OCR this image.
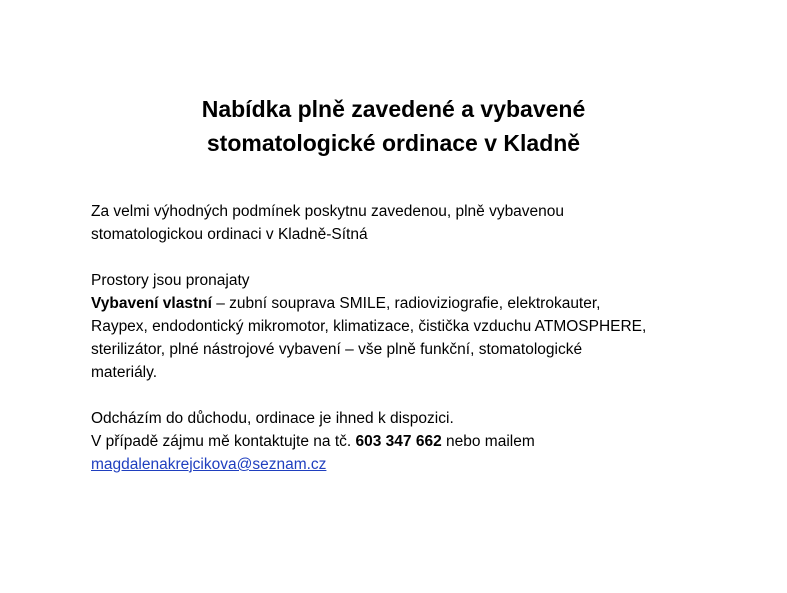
Nabídka plně zavedené a vybavené
stomatologické ordinace v Kladně

Za velmi výhodných podmínek poskytnu zavedenou, plně vybavenou
stomatologickou ordinaci v Kladně-Sítná

Prostory jsou pronajaty

Vybavení vlastní – zubní souprava SMILE, radioviziografie, elektrokauter,
Raypex, endodontický mikromotor, klimatizace, čistička vzduchu ATMOSPHERE,
sterilizátor, plné nástrojové vybavení – vše plně funkční, stomatologické
materiály.

Odcházím do důchodu, ordinace je ihned k dispozici.

V případě zájmu mě kontaktujte na tč. 603 347 662 nebo mailem
magdalenakrejcikova@seznam.cz
